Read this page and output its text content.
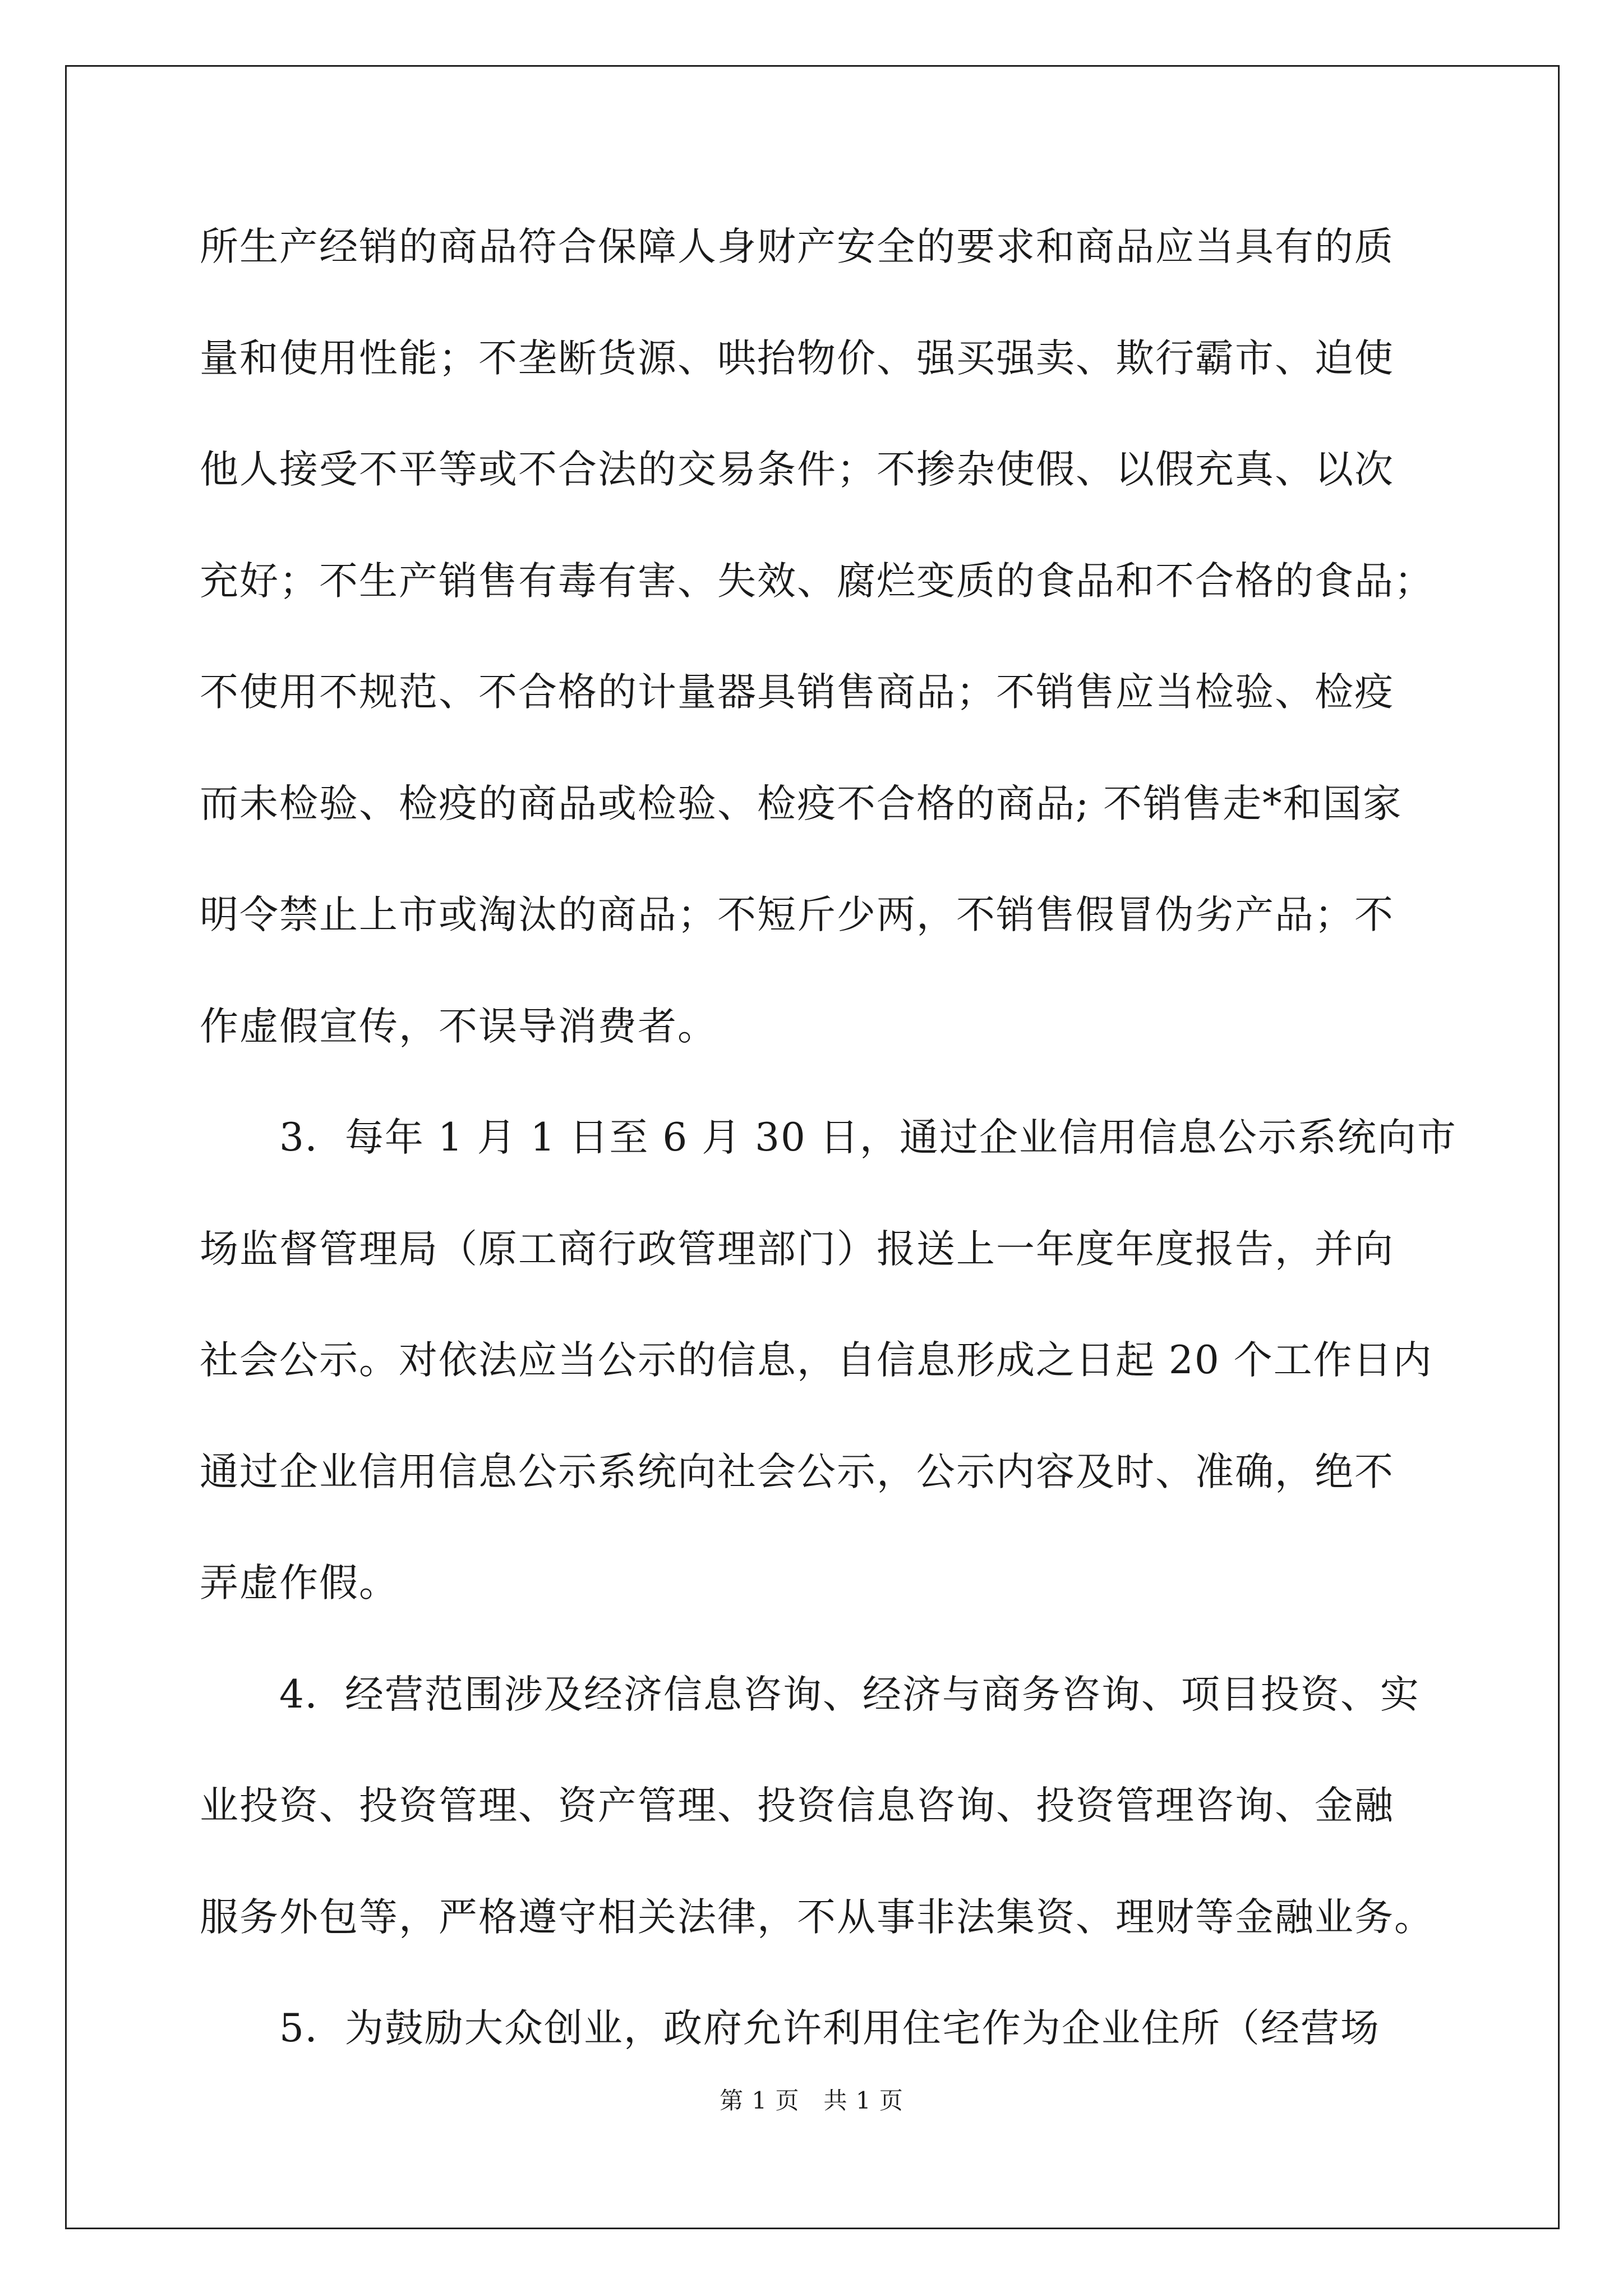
所生产经销的商品符合保障人身财产安全的要求和商品应当具有的质
量和使用性能；不垄断货源、哄抬物价、强买强卖、欺行霸市、迫使
他人接受不平等或不合法的交易条件；不掺杂使假、以假充真、以次
充好；不生产销售有毒有害、失效、腐烂变质的食品和不合格的食品；
不使用不规范、不合格的计量器具销售商品；不销售应当检验、检疫
而未检验、检疫的商品或检验、检疫不合格的商品; 不销售走*和国家
明令禁止上市或淘汰的商品；不短斤少两，不销售假冒伪劣产品；不
作虚假宣传，不误导消费者。
3．每年 1 月 1 日至 6 月 30 日，通过企业信用信息公示系统向市
场监督管理局（原工商行政管理部门）报送上一年度年度报告，并向
社会公示。对依法应当公示的信息，自信息形成之日起 20 个工作日内
通过企业信用信息公示系统向社会公示，公示内容及时、准确，绝不
弄虚作假。
4．经营范围涉及经济信息咨询、经济与商务咨询、项目投资、实
业投资、投资管理、资产管理、投资信息咨询、投资管理咨询、金融
服务外包等，严格遵守相关法律，不从事非法集资、理财等金融业务。
5．为鼓励大众创业，政府允许利用住宅作为企业住所（经营场
第 1 页　共 1 页
